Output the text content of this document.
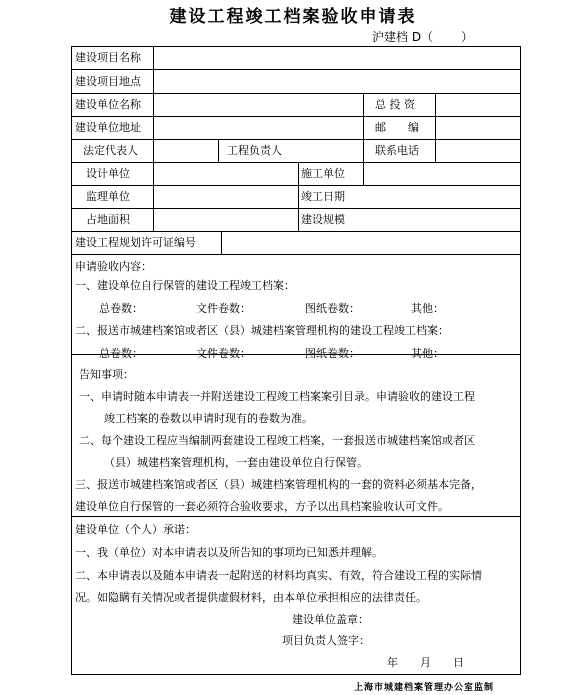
建设工程竣工档案验收申请表
沪建档 D（ ）
建设项目名称
建设项目地点
建设单位名称	总 投 资
建设单位地址	邮　　编
法定代表人	工程负责人	联系电话
设计单位	施工单位
监理单位	竣工日期
占地面积	建设规模
建设工程规划许可证编号
申请验收内容：
一、建设单位自行保管的建设工程竣工档案：
总卷数：	文件卷数：	图纸卷数：	其他：
二、报送市城建档案馆或者区（县）城建档案管理机构的建设工程竣工档案：
总卷数：	文件卷数：	图纸卷数：	其他：
告知事项：
一、申请时随本申请表一并附送建设工程竣工档案案引目录。申请验收的建设工程
竣工档案的卷数以申请时现有的卷数为准。
二、每个建设工程应当编制两套建设工程竣工档案，一套报送市城建档案馆或者区
（县）城建档案管理机构，一套由建设单位自行保管。
三、报送市城建档案馆或者区（县）城建档案管理机构的一套的资料必须基本完备，
建设单位自行保管的一套必须符合验收要求，方予以出具档案验收认可文件。
建设单位（个人）承诺：
一、我（单位）对本申请表以及所告知的事项均已知悉并理解。
二、本申请表以及随本申请表一起附送的材料均真实、有效，符合建设工程的实际情
况。如隐瞒有关情况或者提供虚假材料，由本单位承担相应的法律责任。
建设单位盖章：
项目负责人签字：
年　　月　　日
上海市城建档案管理办公室监制
